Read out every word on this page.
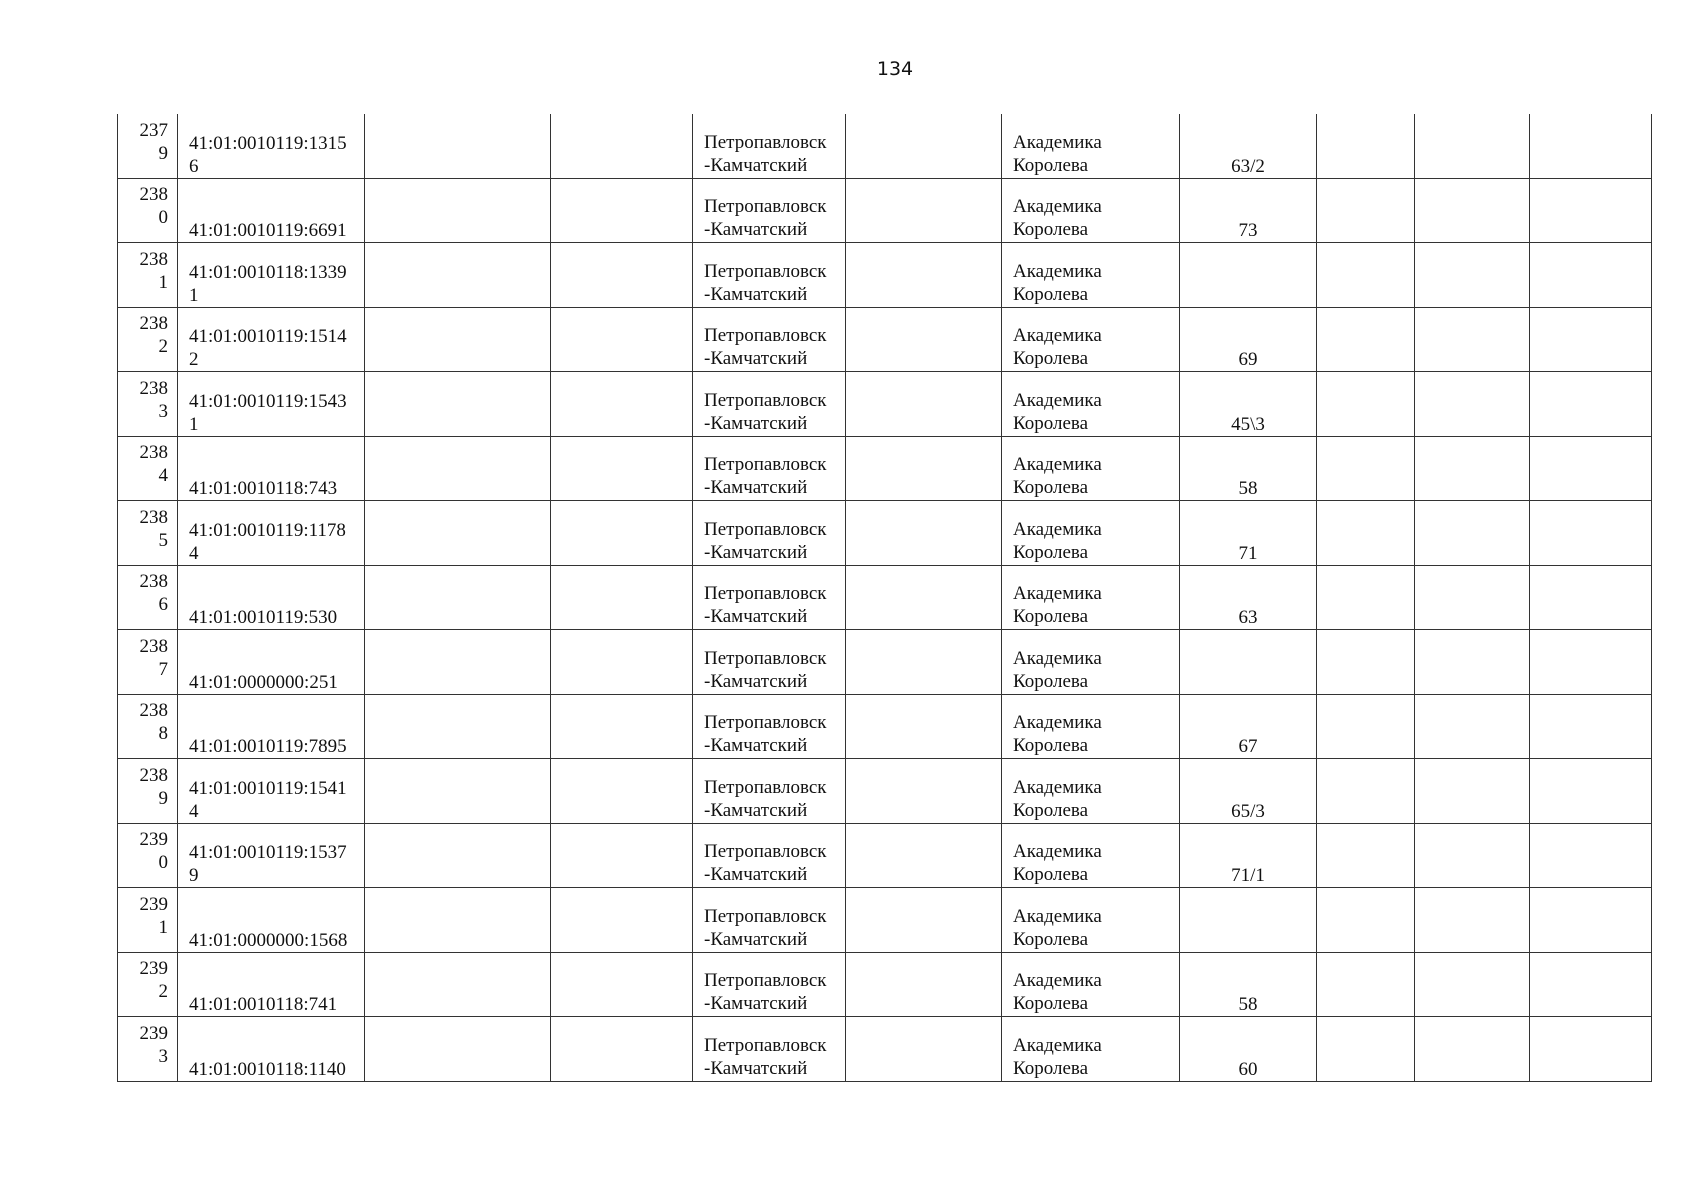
134
2379	41:01:0010119:13156			Петропавловск-Камчатский		Академика Королева	63/2			

2380	41:01:0010119:6691			Петропавловск-Камчатский		Академика Королева	73			

2381	41:01:0010118:13391			Петропавловск-Камчатский		Академика Королева				

2382	41:01:0010119:15142			Петропавловск-Камчатский		Академика Королева	69			

2383	41:01:0010119:15431			Петропавловск-Камчатский		Академика Королева	45\3			

2384	41:01:0010118:743			Петропавловск-Камчатский		Академика Королева	58			

2385	41:01:0010119:11784			Петропавловск-Камчатский		Академика Королева	71			

2386	41:01:0010119:530			Петропавловск-Камчатский		Академика Королева	63			

2387	41:01:0000000:251			Петропавловск-Камчатский		Академика Королева				

2388	41:01:0010119:7895			Петропавловск-Камчатский		Академика Королева	67			

2389	41:01:0010119:15414			Петропавловск-Камчатский		Академика Королева	65/3			

2390	41:01:0010119:15379			Петропавловск-Камчатский		Академика Королева	71/1			

2391	41:01:0000000:1568			Петропавловск-Камчатский		Академика Королева				

2392	41:01:0010118:741			Петропавловск-Камчатский		Академика Королева	58			

2393	41:01:0010118:1140			Петропавловск-Камчатский		Академика Королева	60			
